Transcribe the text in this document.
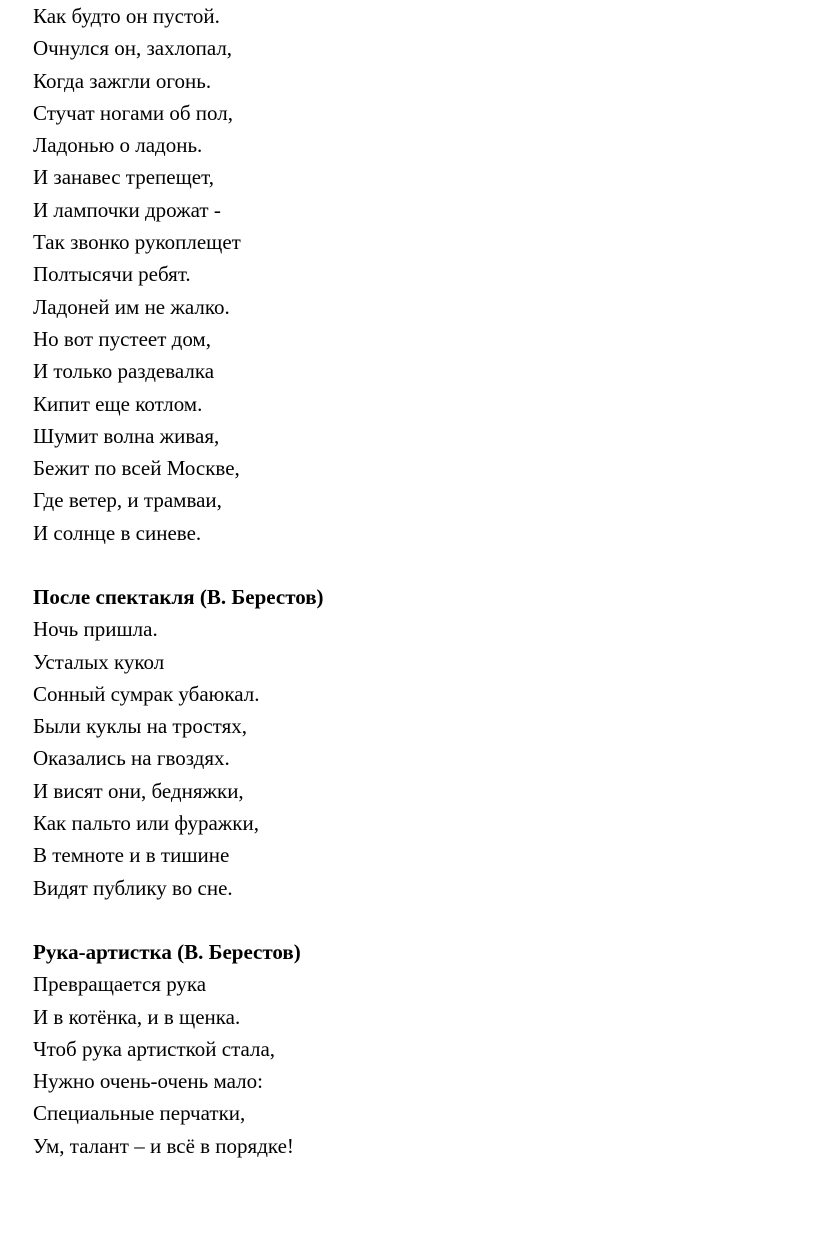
Как будто он пустой.
Очнулся он, захлопал,
Когда зажгли огонь.
Стучат ногами об пол,
Ладонью о ладонь.
И занавес трепещет,
И лампочки дрожат -
Так звонко рукоплещет
Полтысячи ребят.
Ладоней им не жалко.
Но вот пустеет дом,
И только раздевалка
Кипит еще котлом.
Шумит волна живая,
Бежит по всей Москве,
Где ветер, и трамваи,
И солнце в синеве.
После спектакля (В. Берестов)
Ночь пришла.
Усталых кукол
Сонный сумрак убаюкал.
Были куклы на тростях,
Оказались на гвоздях.
И висят они, бедняжки,
Как пальто или фуражки,
В темноте и в тишине
Видят публику во сне.
Рука-артистка (В. Берестов)
Превращается рука
И в котёнка, и в щенка.
Чтоб рука артисткой стала,
Нужно очень-очень мало:
Специальные перчатки,
Ум, талант – и всё в порядке!
